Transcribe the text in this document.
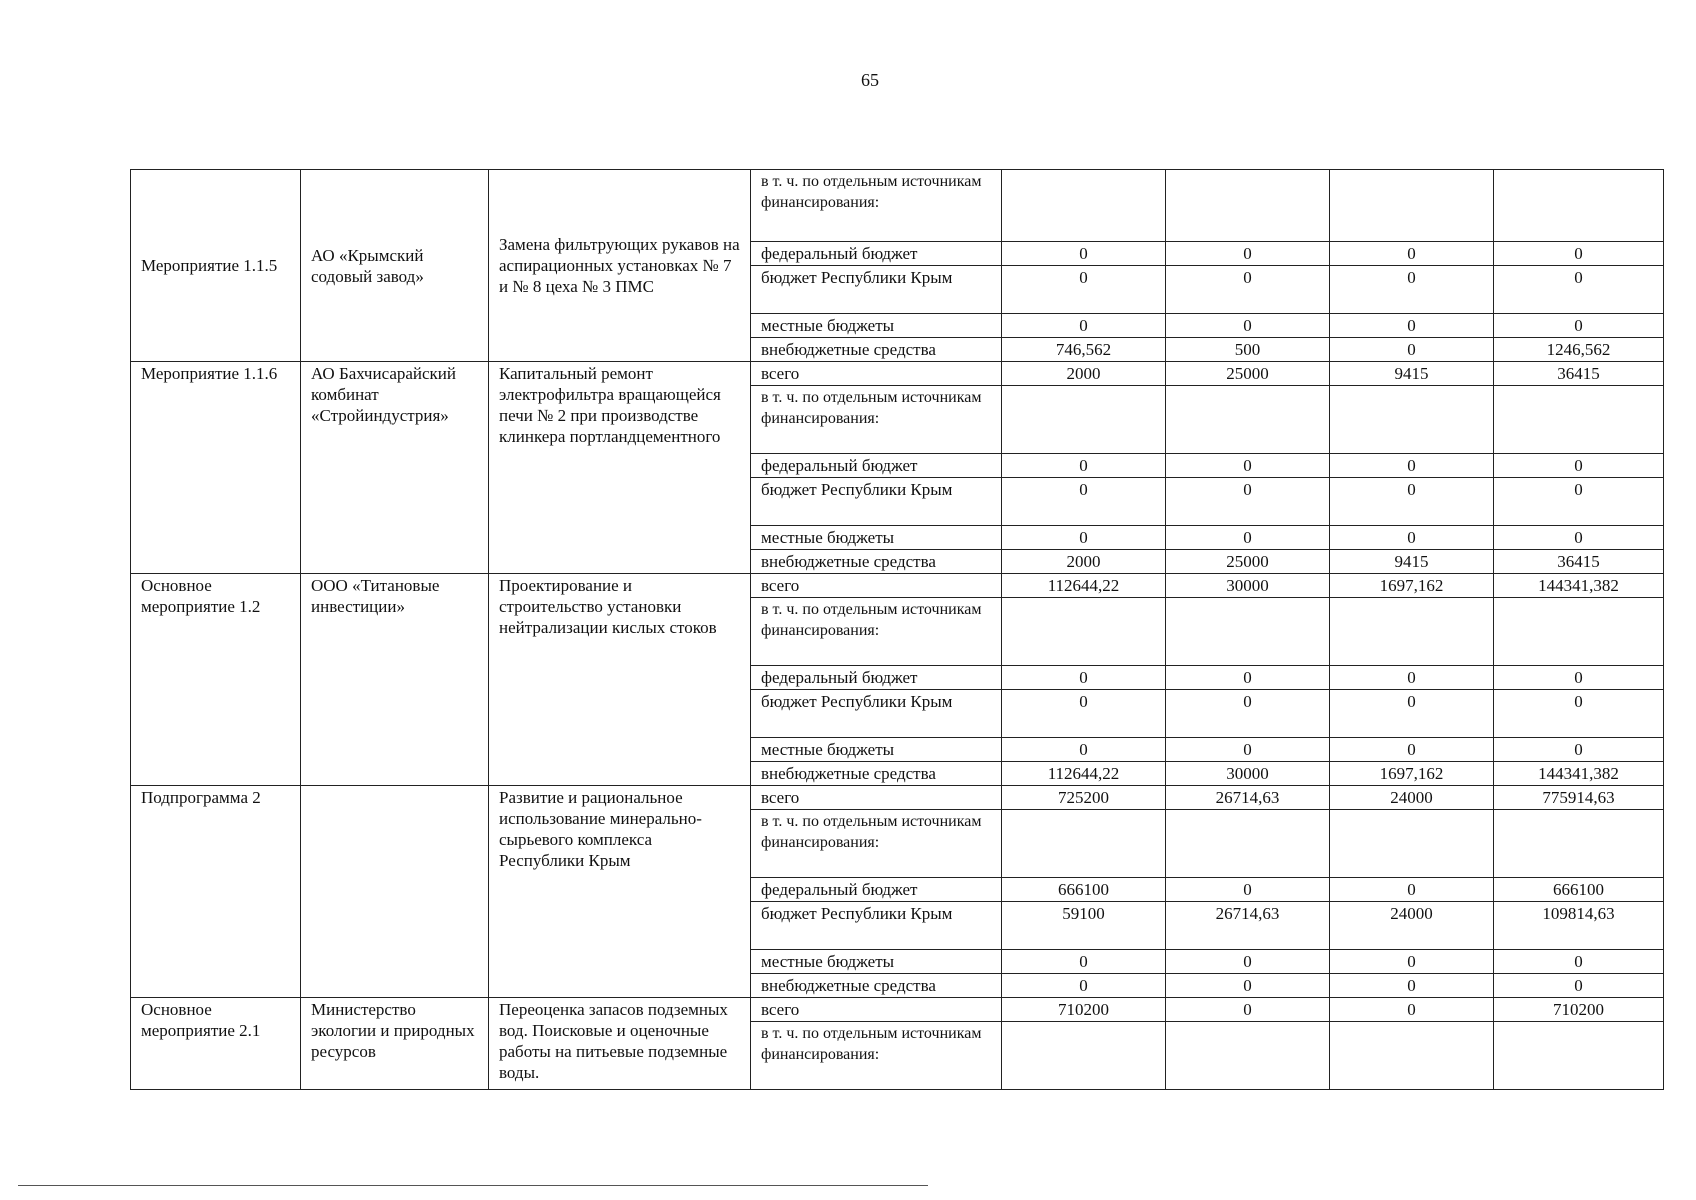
65
Мероприятие 1.1.5	АО «Крымский содовый завод»	Замена фильтрующих рукавов на аспирационных установках № 7 и № 8 цеха № 3 ПМС	в т. ч. по отдельным источникам финансирования:				
			федеральный бюджет	0	0	0	0
			бюджет Республики Крым	0	0	0	0
			местные бюджеты	0	0	0	0
			внебюджетные средства	746,562	500	0	1246,562

Мероприятие 1.1.6	АО Бахчисарайский комбинат «Стройиндустрия»	Капитальный ремонт электрофильтра вращающейся печи № 2 при производстве клинкера портландцементного	всего	2000	25000	9415	36415
			в т. ч. по отдельным источникам финансирования:				
			федеральный бюджет	0	0	0	0
			бюджет Республики Крым	0	0	0	0
			местные бюджеты	0	0	0	0
			внебюджетные средства	2000	25000	9415	36415
Основное мероприятие 1.2	ООО «Титановые инвестиции»	Проектирование и строительство установки нейтрализации кислых стоков	всего	112644,22	30000	1697,162	144341,382
			в т. ч. по отдельным источникам финансирования:				
			федеральный бюджет	0	0	0	0
			бюджет Республики Крым	0	0	0	0
			местные бюджеты	0	0	0	0
			внебюджетные средства	112644,22	30000	1697,162	144341,382
Подпрограмма 2		Развитие и рациональное использование минерально-сырьевого комплекса Республики Крым	всего	725200	26714,63	24000	775914,63
			в т. ч. по отдельным источникам финансирования:				
			федеральный бюджет	666100	0	0	666100
			бюджет Республики Крым	59100	26714,63	24000	109814,63
			местные бюджеты	0	0	0	0
			внебюджетные средства	0	0	0	0
Основное мероприятие 2.1	Министерство экологии и природных ресурсов	Переоценка запасов подземных вод. Поисковые и оценочные работы на питьевые подземные воды.	всего	710200	0	0	710200
			в т. ч. по отдельным источникам финансирования:				
